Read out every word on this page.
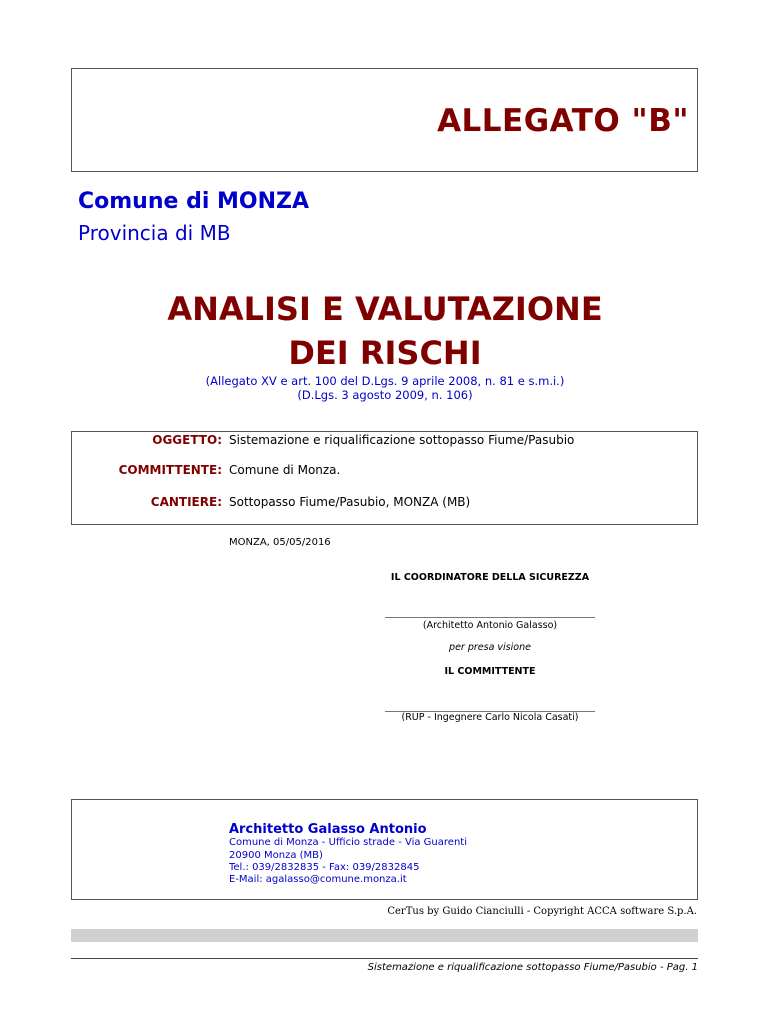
ALLEGATO "B"
Comune di MONZA
Provincia di MB
ANALISI E VALUTAZIONE
DEI RISCHI
(Allegato XV e art. 100 del D.Lgs. 9 aprile 2008, n. 81 e s.m.i.)
(D.Lgs. 3 agosto 2009, n. 106)
OGGETTO: Sistemazione e riqualificazione sottopasso Fiume/Pasubio
COMMITTENTE: Comune di Monza.
CANTIERE: Sottopasso Fiume/Pasubio, MONZA (MB)
MONZA, 05/05/2016
IL COORDINATORE DELLA SICUREZZA
(Architetto Antonio Galasso)
per presa visione
IL COMMITTENTE
(RUP - Ingegnere Carlo Nicola Casati)
Architetto Galasso Antonio
Comune di Monza - Ufficio strade - Via Guarenti
20900 Monza (MB)
Tel.: 039/2832835 - Fax: 039/2832845
E-Mail: agalasso@comune.monza.it
CerTus by Guido Cianciulli - Copyright ACCA software S.p.A.
Sistemazione e riqualificazione sottopasso Fiume/Pasubio - Pag. 1
